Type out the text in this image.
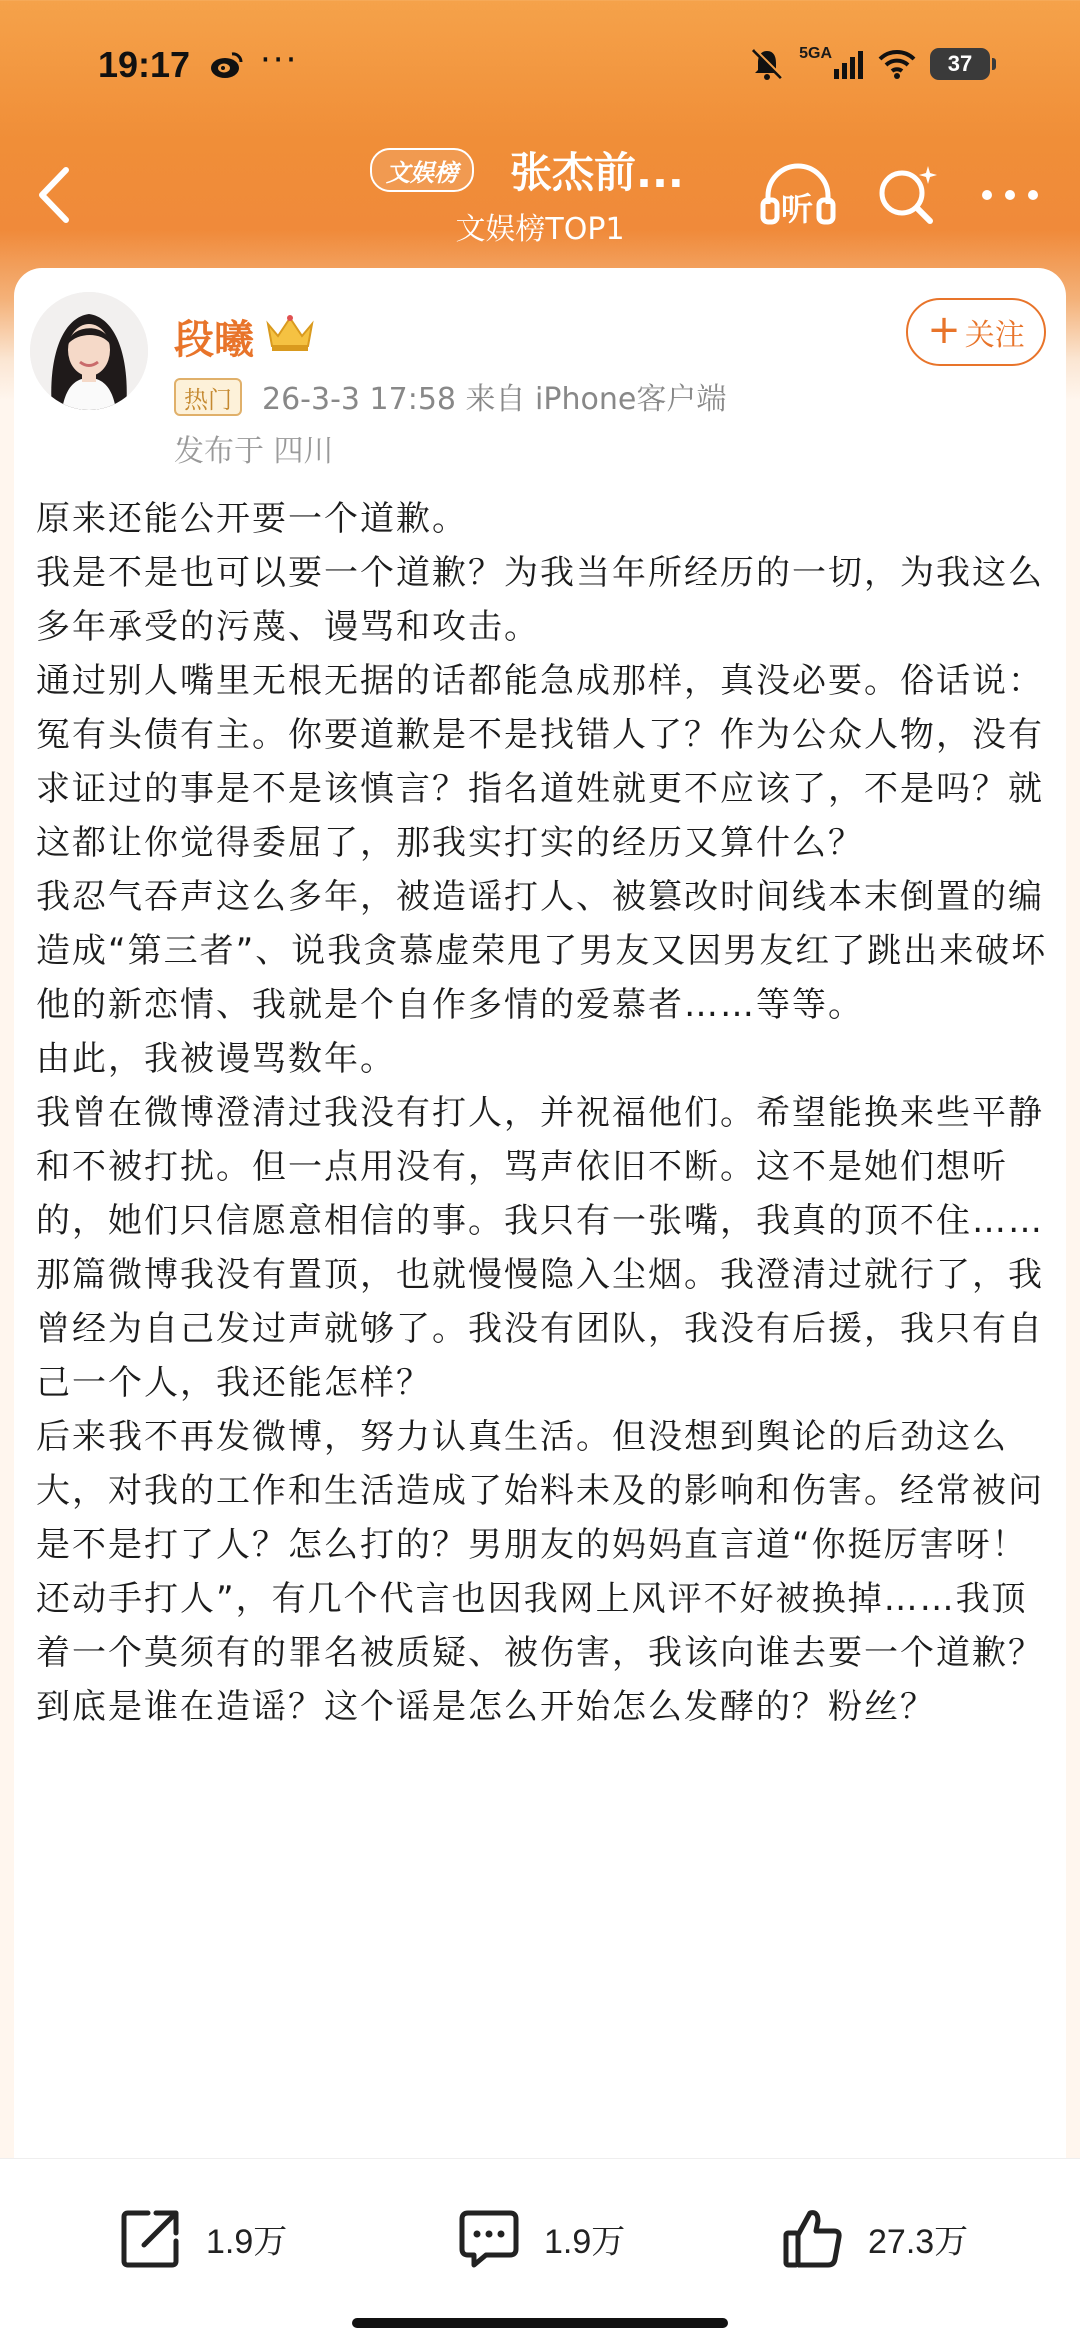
19:17 ···	5GA	37
文娱榜	张杰前...
文娱榜TOP1
听
段曦
热门	26-3-3 17:58 来自 iPhone客户端
发布于 四川
+ 关注

原来还能公开要一个道歉。

我是不是也可以要一个道歉？为我当年所经历的一切，为我这么多年承受的污蔑、谩骂和攻击。

通过别人嘴里无根无据的话都能急成那样，真没必要。俗话说：冤有头债有主。你要道歉是不是找错人了？作为公众人物，没有求证过的事是不是该慎言？指名道姓就更不应该了，不是吗？就这都让你觉得委屈了，那我实打实的经历又算什么？

我忍气吞声这么多年，被造谣打人、被篡改时间线本末倒置的编造成“第三者”、说我贪慕虚荣甩了男友又因男友红了跳出来破坏他的新恋情、我就是个自作多情的爱慕者……等等。

由此，我被谩骂数年。

我曾在微博澄清过我没有打人，并祝福他们。希望能换来些平静和不被打扰。但一点用没有，骂声依旧不断。这不是她们想听的，她们只信愿意相信的事。我只有一张嘴，我真的顶不住……

那篇微博我没有置顶，也就慢慢隐入尘烟。我澄清过就行了，我曾经为自己发过声就够了。我没有团队，我没有后援，我只有自己一个人，我还能怎样？

后来我不再发微博，努力认真生活。但没想到舆论的后劲这么大，对我的工作和生活造成了始料未及的影响和伤害。经常被问是不是打了人？怎么打的？男朋友的妈妈直言道“你挺厉害呀！还动手打人”，有几个代言也因我网上风评不好被换掉……我顶着一个莫须有的罪名被质疑、被伤害，我该向谁去要一个道歉？

到底是谁在造谣？这个谣是怎么开始怎么发酵的？粉丝？

1.9万	1.9万	27.3万
